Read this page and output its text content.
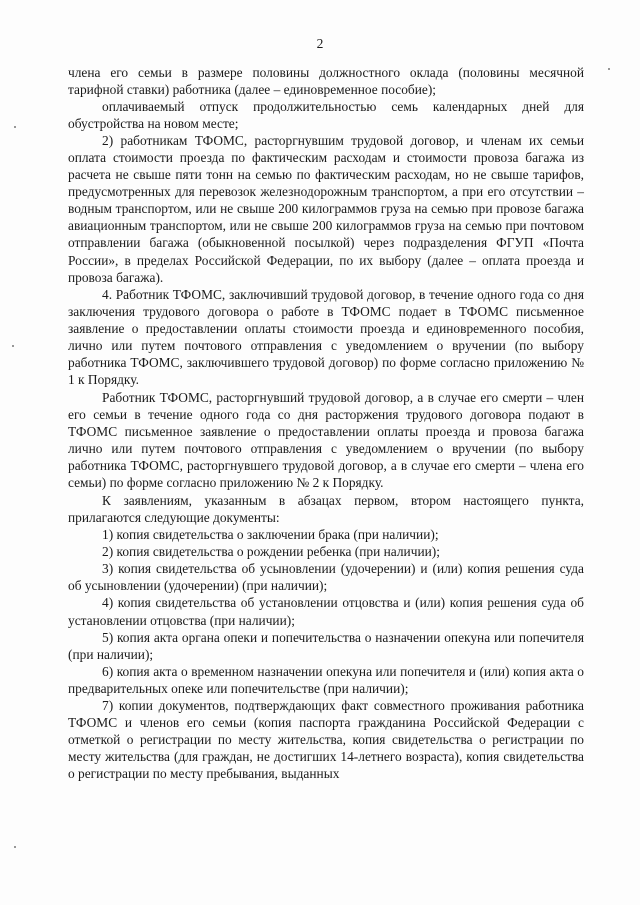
2

члена его семьи в размере половины должностного оклада (половины месячной тарифной ставки) работника (далее – единовременное пособие);

оплачиваемый отпуск продолжительностью семь календарных дней для обустройства на новом месте;

2) работникам ТФОМС, расторгнувшим трудовой договор, и членам их семьи оплата стоимости проезда по фактическим расходам и стоимости провоза багажа из расчета не свыше пяти тонн на семью по фактическим расходам, но не свыше тарифов, предусмотренных для перевозок железнодорожным транспортом, а при его отсутствии – водным транспортом, или не свыше 200 килограммов груза на семью при провозе багажа авиационным транспортом, или не свыше 200 килограммов груза на семью при почтовом отправлении багажа (обыкновенной посылкой) через подразделения ФГУП «Почта России», в пределах Российской Федерации, по их выбору (далее – оплата проезда и провоза багажа).

4. Работник ТФОМС, заключивший трудовой договор, в течение одного года со дня заключения трудового договора о работе в ТФОМС подает в ТФОМС письменное заявление о предоставлении оплаты стоимости проезда и единовременного пособия, лично или путем почтового отправления с уведомлением о вручении (по выбору работника ТФОМС, заключившего трудовой договор) по форме согласно приложению № 1 к Порядку.

Работник ТФОМС, расторгнувший трудовой договор, а в случае его смерти – член его семьи в течение одного года со дня расторжения трудового договора подают в ТФОМС письменное заявление о предоставлении оплаты проезда и провоза багажа лично или путем почтового отправления с уведомлением о вручении (по выбору работника ТФОМС, расторгнувшего трудовой договор, а в случае его смерти – члена его семьи) по форме согласно приложению № 2 к Порядку.

К заявлениям, указанным в абзацах первом, втором настоящего пункта, прилагаются следующие документы:

1) копия свидетельства о заключении брака (при наличии);

2) копия свидетельства о рождении ребенка (при наличии);

3) копия свидетельства об усыновлении (удочерении) и (или) копия решения суда об усыновлении (удочерении) (при наличии);

4) копия свидетельства об установлении отцовства и (или) копия решения суда об установлении отцовства (при наличии);

5) копия акта органа опеки и попечительства о назначении опекуна или попечителя (при наличии);

6) копия акта о временном назначении опекуна или попечителя и (или) копия акта о предварительных опеке или попечительстве (при наличии);

7) копии документов, подтверждающих факт совместного проживания работника ТФОМС и членов его семьи (копия паспорта гражданина Российской Федерации с отметкой о регистрации по месту жительства, копия свидетельства о регистрации по месту жительства (для граждан, не достигших 14-летнего возраста), копия свидетельства о регистрации по месту пребывания, выданных
